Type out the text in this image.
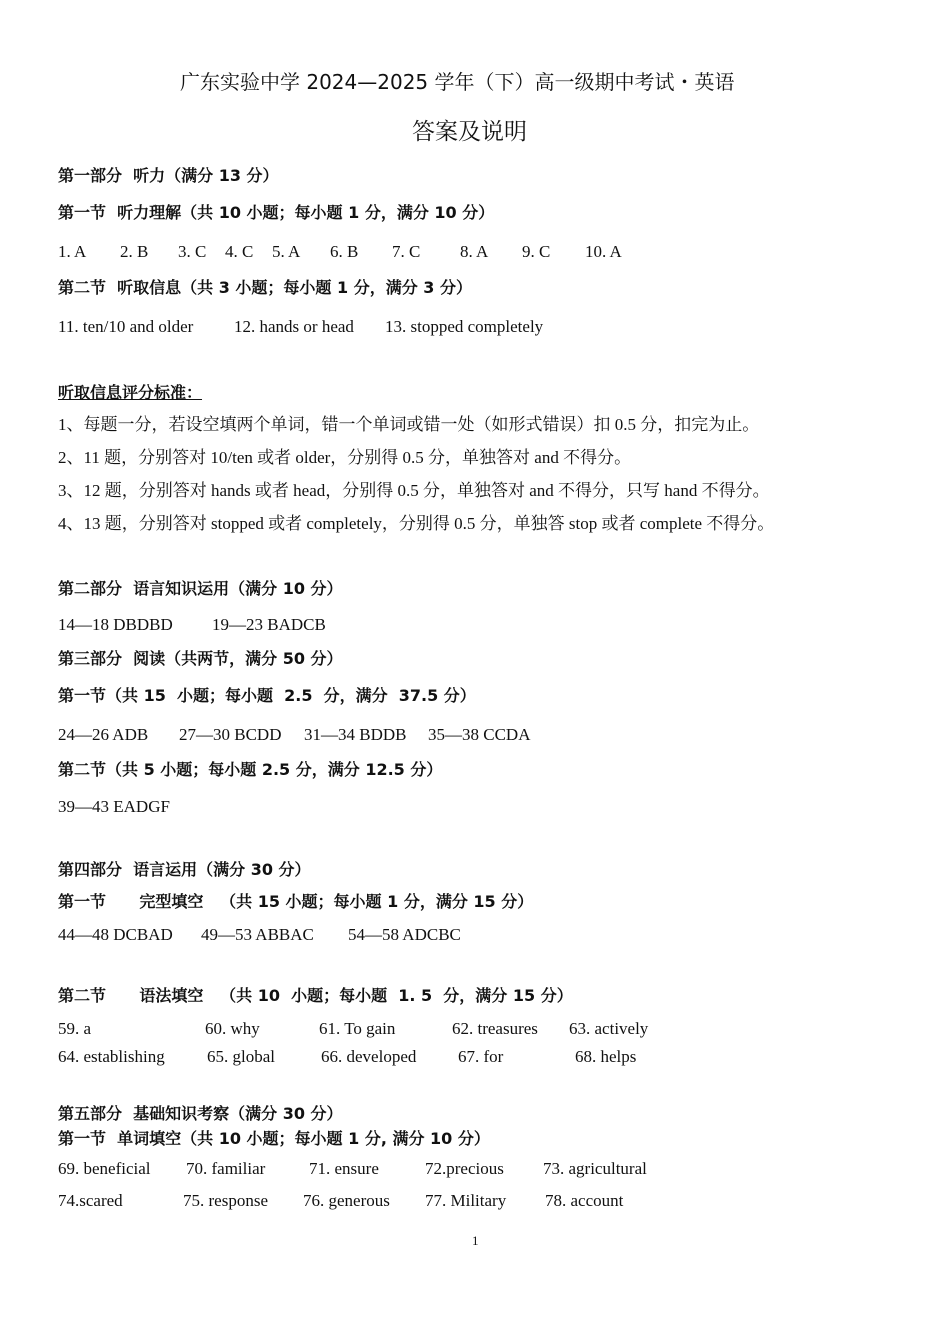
广东实验中学 2024—2025 学年（下）高一级期中考试・英语
答案及说明
第一部分  听力（满分 13 分）
第一节  听力理解（共 10 小题；每小题 1 分，满分 10 分）
1. A 2. B 3. C 4. C 5. A 6. B 7. C 8. A 9. C 10. A
第二节  听取信息（共 3 小题；每小题 1 分，满分 3 分）
11. ten/10 and older 12. hands or head 13. stopped completely
听取信息评分标准：
1、每题一分，若设空填两个单词，错一个单词或错一处（如形式错误）扣 0.5 分，扣完为止。
2、11 题，分别答对 10/ten 或者 older，分别得 0.5 分，单独答对 and 不得分。
3、12 题，分别答对 hands 或者 head，分别得 0.5 分，单独答对 and 不得分，只写 hand 不得分。
4、13 题，分别答对 stopped 或者 completely，分别得 0.5 分，单独答 stop 或者 complete 不得分。
第二部分  语言知识运用（满分 10 分）
14—18 DBDBD 19—23 BADCB
第三部分  阅读（共两节，满分 50 分）
第一节（共 15  小题；每小题  2.5  分，满分  37.5 分）
24—26 ADB 27—30 BCDD 31—34 BDDB 35—38 CCDA
第二节（共 5 小题；每小题 2.5 分，满分 12.5 分）
39—43 EADGF
第四部分  语言运用（满分 30 分）
第一节      完型填空   （共 15 小题；每小题 1 分，满分 15 分）
44—48 DCBAD 49—53 ABBAC 54—58 ADCBC
第二节      语法填空   （共 10  小题；每小题  1. 5  分，满分 15 分）
59. a	60. why	61. To gain	62. treasures 63. actively
64. establishing 65. global	66. developed 67. for	68. helps
第五部分  基础知识考察（满分 30 分）
第一节  单词填空（共 10 小题；每小题 1 分, 满分 10 分）
69. beneficial 70. familiar	71. ensure	72.precious 73. agricultural
74.scared	75. response 76. generous 77. Military 78. account
1
